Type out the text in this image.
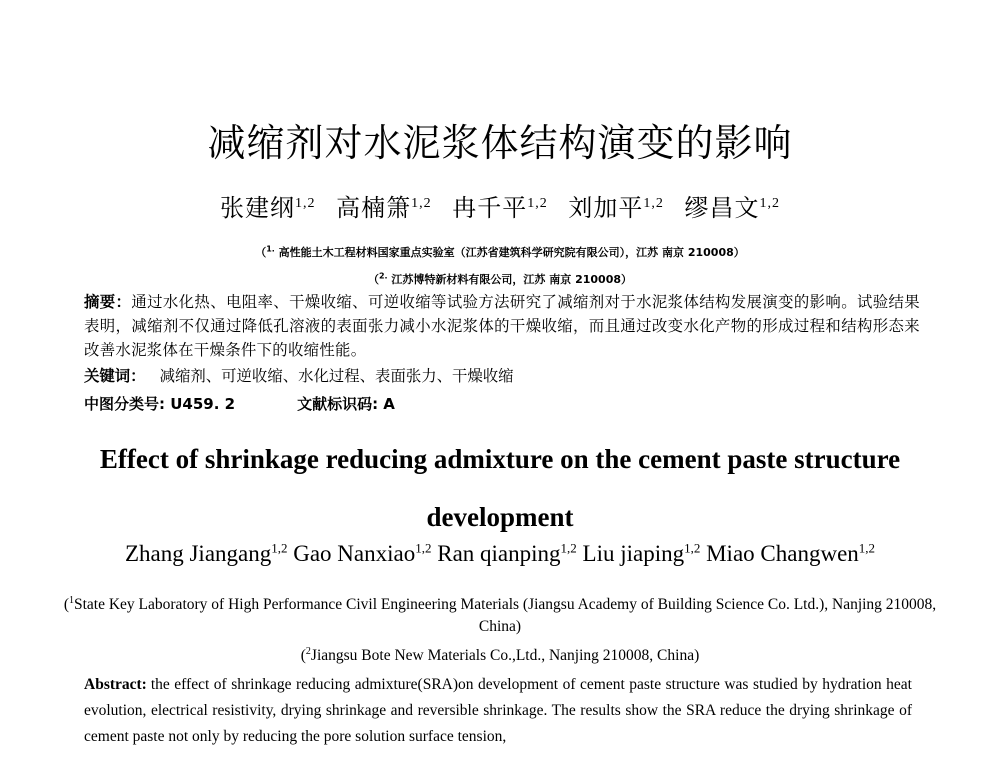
减缩剂对水泥浆体结构演变的影响
张建纲$^{1,2}$ 高楠箫$^{1,2}$ 冉千平$^{1,2}$ 刘加平$^{1,2}$ 缪昌文$^{1,2}$
（$^{1.}$ 高性能土木工程材料国家重点实验室（江苏省建筑科学研究院有限公司），江苏 南京 210008）
（$^{2.}$ 江苏博特新材料有限公司，江苏 南京 210008）
摘要：通过水化热、电阻率、干燥收缩、可逆收缩等试验方法研究了减缩剂对于水泥浆体结构发展演变的影响。试验结果表明，减缩剂不仅通过降低孔溶液的表面张力减小水泥浆体的干燥收缩，而且通过改变水化产物的形成过程和结构形态来改善水泥浆体在干燥条件下的收缩性能。
关键词： 减缩剂、可逆收缩、水化过程、表面张力、干燥收缩
中图分类号: U459. 2	文献标识码: A
Effect of shrinkage reducing admixture on the cement paste structure development
Zhang Jiangang$^{1,2}$ Gao Nanxiao$^{1,2}$ Ran qianping$^{1,2}$ Liu jiaping$^{1,2}$ Miao Changwen$^{1,2}$
($^1$State Key Laboratory of High Performance Civil Engineering Materials (Jiangsu Academy of Building Science Co. Ltd.), Nanjing 210008, China)
($^2$Jiangsu Bote New Materials Co.,Ltd., Nanjing 210008, China)
Abstract: the effect of shrinkage reducing admixture(SRA)on development of cement paste structure was studied by hydration heat evolution, electrical resistivity, drying shrinkage and reversible shrinkage. The results show the SRA reduce the drying shrinkage of cement paste not only by reducing the pore solution surface tension,
